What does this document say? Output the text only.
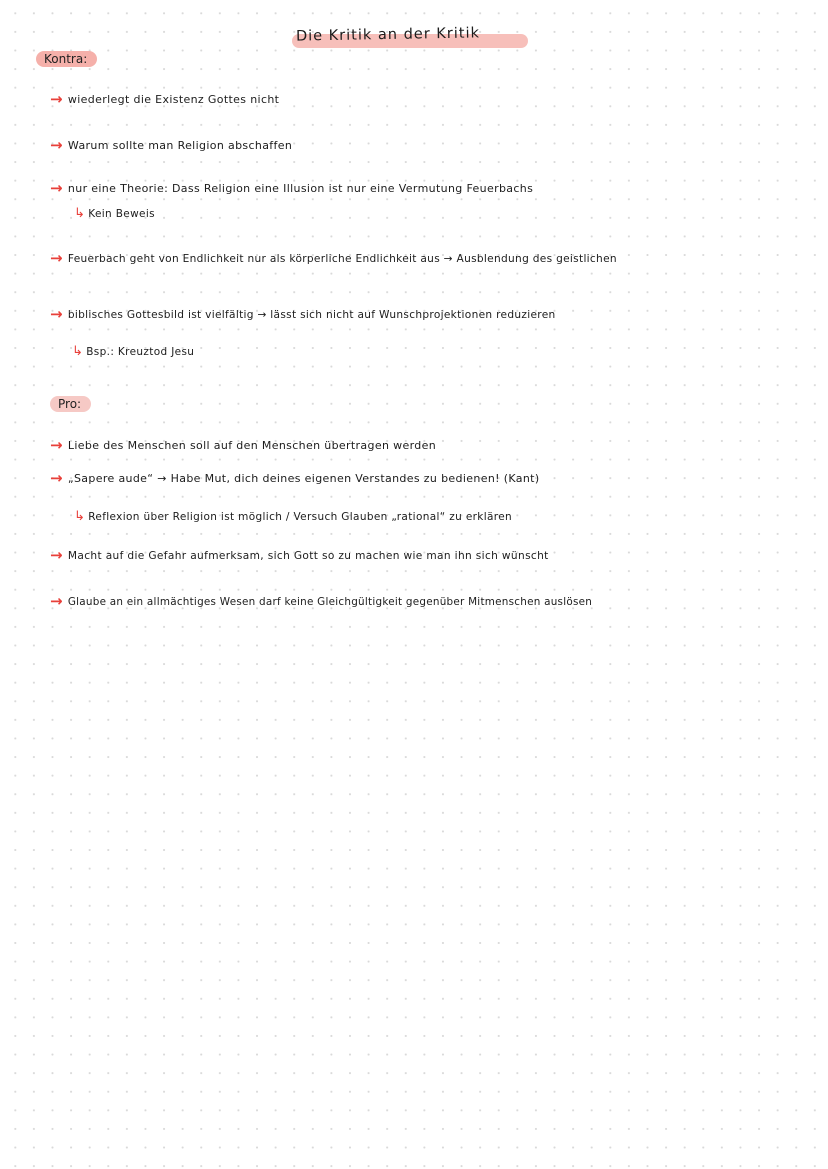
Die Kritik an der Kritik
Kontra:
→ wiederlegt die Existenz Gottes nicht
→ Warum sollte man Religion abschaffen
→ nur eine Theorie: Dass Religion eine Illusion ist nur eine Vermutung Feuerbachs
↳ Kein Beweis
→ Feuerbach geht von Endlichkeit nur als körperliche Endlichkeit aus → Ausblendung des geistlichen
→ biblisches Gottesbild ist vielfältig → lässt sich nicht auf Wunschprojektionen reduzieren
↳ Bsp.: Kreuztod Jesu
Pro:
→ Liebe des Menschen soll auf den Menschen übertragen werden
→ „Sapere aude“ → Habe Mut, dich deines eigenen Verstandes zu bedienen! (Kant)
↳ Reflexion über Religion ist möglich / Versuch Glauben „rational“ zu erklären
→ Macht auf die Gefahr aufmerksam, sich Gott so zu machen wie man ihn sich wünscht
→ Glaube an ein allmächtiges Wesen darf keine Gleichgültigkeit gegenüber Mitmenschen auslösen
